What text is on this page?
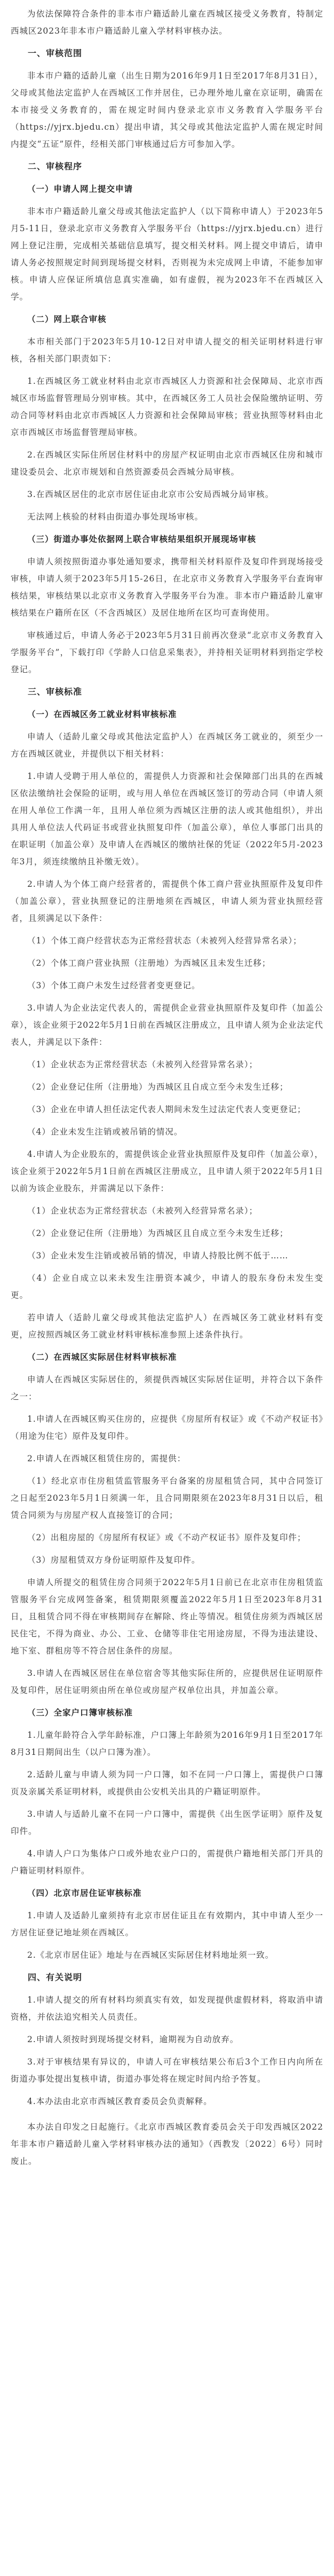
为依法保障符合条件的非本市户籍适龄儿童在西城区接受义务教育，特制定西城区2023年非本市户籍适龄儿童入学材料审核办法。

一、审核范围

非本市户籍的适龄儿童（出生日期为2016年9月1日至2017年8月31日），父母或其他法定监护人在西城区工作并居住，已办理外地儿童在京证明，确需在本市接受义务教育的，需在规定时间内登录北京市义务教育入学服务平台（https://yjrx.bjedu.cn）提出申请，其父母或其他法定监护人需在规定时间内提交“五证”原件，经相关部门审核通过后方可参加入学。

二、审核程序
（一）申请人网上提交申请

非本市户籍适龄儿童父母或其他法定监护人（以下简称申请人）于2023年5月5-11日，登录北京市义务教育入学服务平台（https://yjrx.bjedu.cn）进行网上登记注册，完成相关基础信息填写，提交相关材料。网上提交申请后，请申请人务必按照规定时间到现场提交材料，否则视为未完成网上申请，不能参加审核。申请人应保证所填信息真实准确，如有虚假，视为2023年不在西城区入学。

（二）网上联合审核

本市相关部门于2023年5月10-12日对申请人提交的相关证明材料进行审核，各相关部门职责如下：

1.在西城区务工就业材料由北京市西城区人力资源和社会保障局、北京市西城区市场监督管理局分别审核。其中，在西城区务工人员社会保险缴纳证明、劳动合同等材料由北京市西城区人力资源和社会保障局审核；营业执照等材料由北京市西城区市场监督管理局审核。

2.在西城区实际住所居住材料中的房屋产权证明由北京市西城区住房和城市建设委员会、北京市规划和自然资源委员会西城分局审核。

3.在西城区居住的北京市居住证由北京市公安局西城分局审核。

无法网上核验的材料由街道办事处现场审核。

（三）街道办事处依据网上联合审核结果组织开展现场审核

申请人须按照街道办事处通知要求，携带相关材料原件及复印件到现场接受审核，申请人须于2023年5月15-26日，在北京市义务教育入学服务平台查询审核结果，审核结果以北京市义务教育入学服务平台为准。非本市户籍适龄儿童审核结果在户籍所在区（不含西城区）及居住地所在区均可查询使用。

审核通过后，申请人务必于2023年5月31日前再次登录“北京市义务教育入学服务平台”，下载打印《学龄人口信息采集表》，并持相关证明材料到指定学校登记。

三、审核标准
（一）在西城区务工就业材料审核标准

申请人（适龄儿童父母或其他法定监护人）在西城区务工就业的，须至少一方在西城区就业，并提供以下相关材料：

1.申请人受聘于用人单位的，需提供人力资源和社会保障部门出具的在西城区依法缴纳社会保险的证明，或与用人单位在西城区签订的劳动合同（申请人须在用人单位工作满一年，且用人单位须为西城区注册的法人或其他组织），并出具用人单位法人代码证书或营业执照复印件（加盖公章），单位人事部门出具的在职证明（加盖公章）及申请人在西城区的缴纳社保的凭证（2022年5月-2023年3月，须连续缴纳且补缴无效）。

2.申请人为个体工商户经营者的，需提供个体工商户营业执照原件及复印件（加盖公章），营业执照登记的注册地须在西城区，申请人须为营业执照经营者，且须满足以下条件：

（1）个体工商户经营状态为正常经营状态（未被列入经营异常名录）；

（2）个体工商户营业执照（注册地）为西城区且未发生迁移；

（3）个体工商户未发生过经营者变更登记。

3.申请人为企业法定代表人的，需提供企业营业执照原件及复印件（加盖公章），该企业须于2022年5月1日前在西城区注册成立，且申请人须为企业法定代表人，并满足以下条件：

（1）企业状态为正常经营状态（未被列入经营异常名录）；

（2）企业登记住所（注册地）为西城区且自成立至今未发生迁移；

（3）企业在申请人担任法定代表人期间未发生过法定代表人变更登记；

（4）企业未发生注销或被吊销的情况。

4.申请人为企业股东的，需提供该企业营业执照原件及复印件（加盖公章），该企业须于2022年5月1日前在西城区注册成立，且申请人须于2022年5月1日以前为该企业股东，并需满足以下条件：

（1）企业状态为正常经营状态（未被列入经营异常名录）；

（2）企业登记住所（注册地）为西城区且自成立至今未发生迁移；

（3）企业未发生注销或被吊销的情况，申请人持股比例不低于……

（4）企业自成立以来未发生注册资本减少，申请人的股东身份未发生变更。

若申请人（适龄儿童父母或其他法定监护人）在西城区务工就业材料有变更，应按照西城区务工就业材料审核标准参照上述条件执行。

（二）在西城区实际居住材料审核标准

申请人在西城区实际居住的，须提供西城区实际居住证明，并符合以下条件之一：

1.申请人在西城区购买住房的，应提供《房屋所有权证》或《不动产权证书》（用途为住宅）原件及复印件。

2.申请人在西城区租赁住房的，需提供：

（1）经北京市住房租赁监管服务平台备案的房屋租赁合同，其中合同签订之日起至2023年5月1日须满一年，且合同期限须在2023年8月31日以后，租赁合同须为与房屋产权人直接签订的合同；

（2）出租房屋的《房屋所有权证》或《不动产权证书》原件及复印件；

（3）房屋租赁双方身份证明原件及复印件。

申请人所提交的租赁住房合同须于2022年5月1日前已在北京市住房租赁监管服务平台完成网签备案，租赁期限须覆盖2022年5月1日至2023年8月31日，且租赁合同不得在审核期间存在解除、终止等情况。租赁住房须为西城区居民住宅，不得为商业、办公、工业、仓储等非住宅用途房屋，不得为违法建设、地下室、群租房等不符合居住条件的房屋。

3.申请人在西城区居住在单位宿舍等其他实际住所的，应提供居住证明原件及复印件，居住证明须由所在单位或房屋产权单位出具，并加盖公章。

（三）全家户口簿审核标准

1.儿童年龄符合入学年龄标准，户口簿上年龄须为2016年9月1日至2017年8月31日期间出生（以户口簿为准）。

2.适龄儿童与申请人须为同一户口簿，如不在同一户口簿上，需提供户口簿页及亲属关系证明材料，或提供由公安机关出具的户籍证明原件。

3.申请人与适龄儿童不在同一户口簿中，需提供《出生医学证明》原件及复印件。

4.申请人户口为集体户口或外地农业户口的，需提供户籍地相关部门开具的户籍证明材料原件。

（四）北京市居住证审核标准

1.申请人及适龄儿童须持有北京市居住证且在有效期内，其中申请人至少一方居住证登记地址须在西城区。

2.《北京市居住证》地址与在西城区实际居住材料地址须一致。

四、有关说明

1.申请人提交的所有材料均须真实有效，如发现提供虚假材料，将取消申请资格，并依法追究相关人员责任。

2.申请人须按时到现场提交材料，逾期视为自动放弃。

3.对于审核结果有异议的，申请人可在审核结果公布后3个工作日内向所在街道办事处提出复核申请，街道办事处将在规定时间内给予答复。

4.本办法由北京市西城区教育委员会负责解释。

本办法自印发之日起施行。《北京市西城区教育委员会关于印发西城区2022年非本市户籍适龄儿童入学材料审核办法的通知》（西教发〔2022〕6号）同时废止。
